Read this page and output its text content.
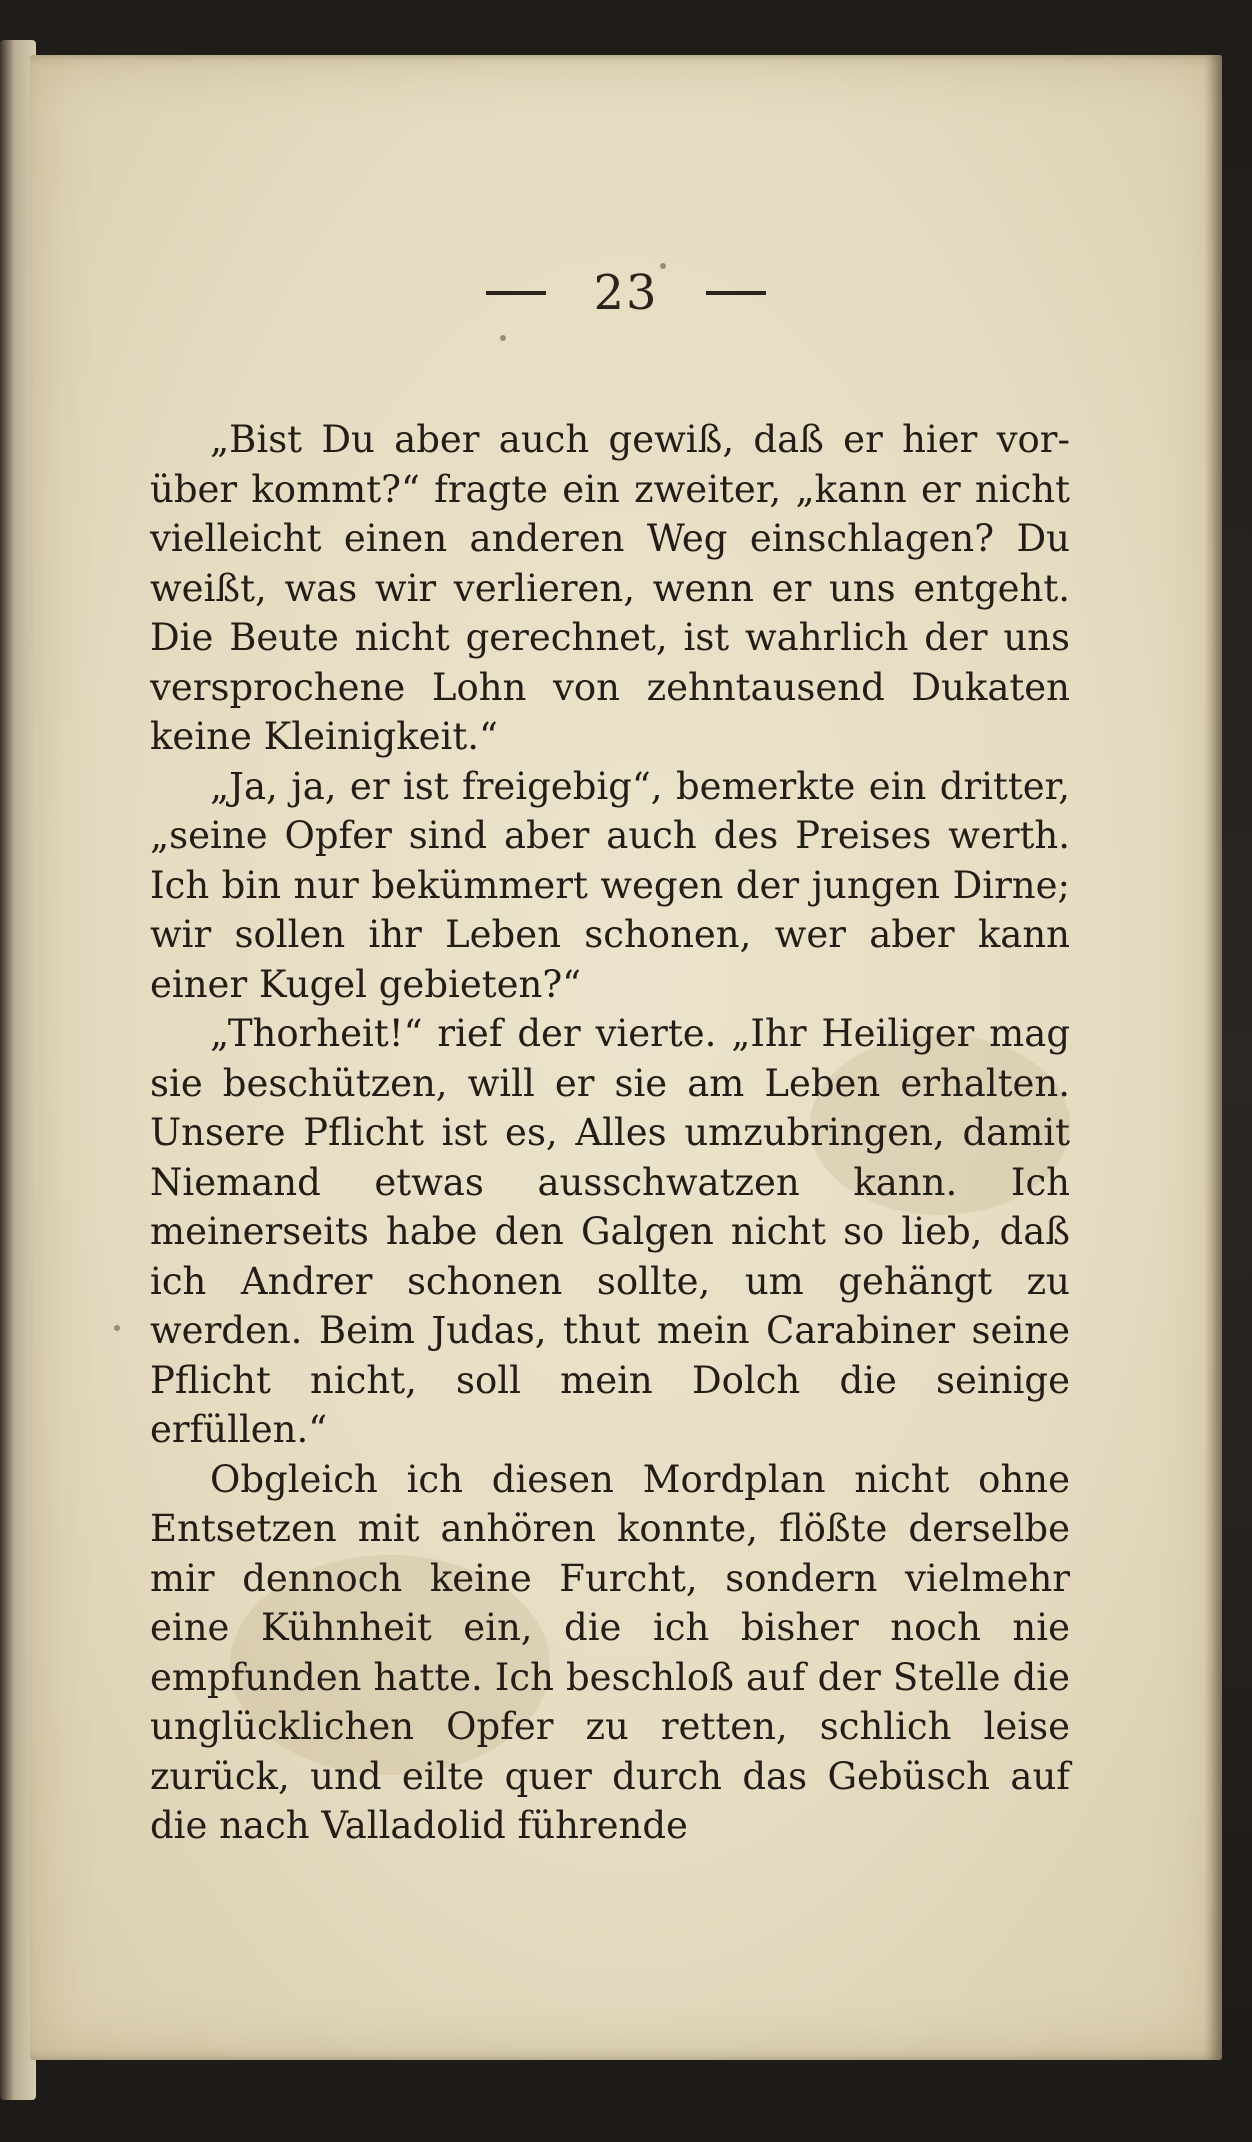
23

„Bist Du aber auch gewiß, daß er hier vor-über kommt?“ fragte ein zweiter, „kann er nicht vielleicht einen anderen Weg einschlagen? Du weißt, was wir verlieren, wenn er uns entgeht. Die Beute nicht gerechnet, ist wahrlich der uns versprochene Lohn von zehntausend Dukaten keine Kleinigkeit.“

„Ja, ja, er ist freigebig“, bemerkte ein dritter, „seine Opfer sind aber auch des Preises werth. Ich bin nur bekümmert wegen der jungen Dirne; wir sollen ihr Leben schonen, wer aber kann einer Kugel gebieten?“

„Thorheit!“ rief der vierte. „Ihr Heiliger mag sie beschützen, will er sie am Leben erhalten. Unsere Pflicht ist es, Alles umzubringen, damit Niemand etwas ausschwatzen kann. Ich meinerseits habe den Galgen nicht so lieb, daß ich Andrer schonen sollte, um gehängt zu werden. Beim Judas, thut mein Carabiner seine Pflicht nicht, soll mein Dolch die seinige erfüllen.“

Obgleich ich diesen Mordplan nicht ohne Entsetzen mit anhören konnte, flößte derselbe mir dennoch keine Furcht, sondern vielmehr eine Kühnheit ein, die ich bisher noch nie empfunden hatte. Ich beschloß auf der Stelle die unglücklichen Opfer zu retten, schlich leise zurück, und eilte quer durch das Gebüsch auf die nach Valladolid führende
